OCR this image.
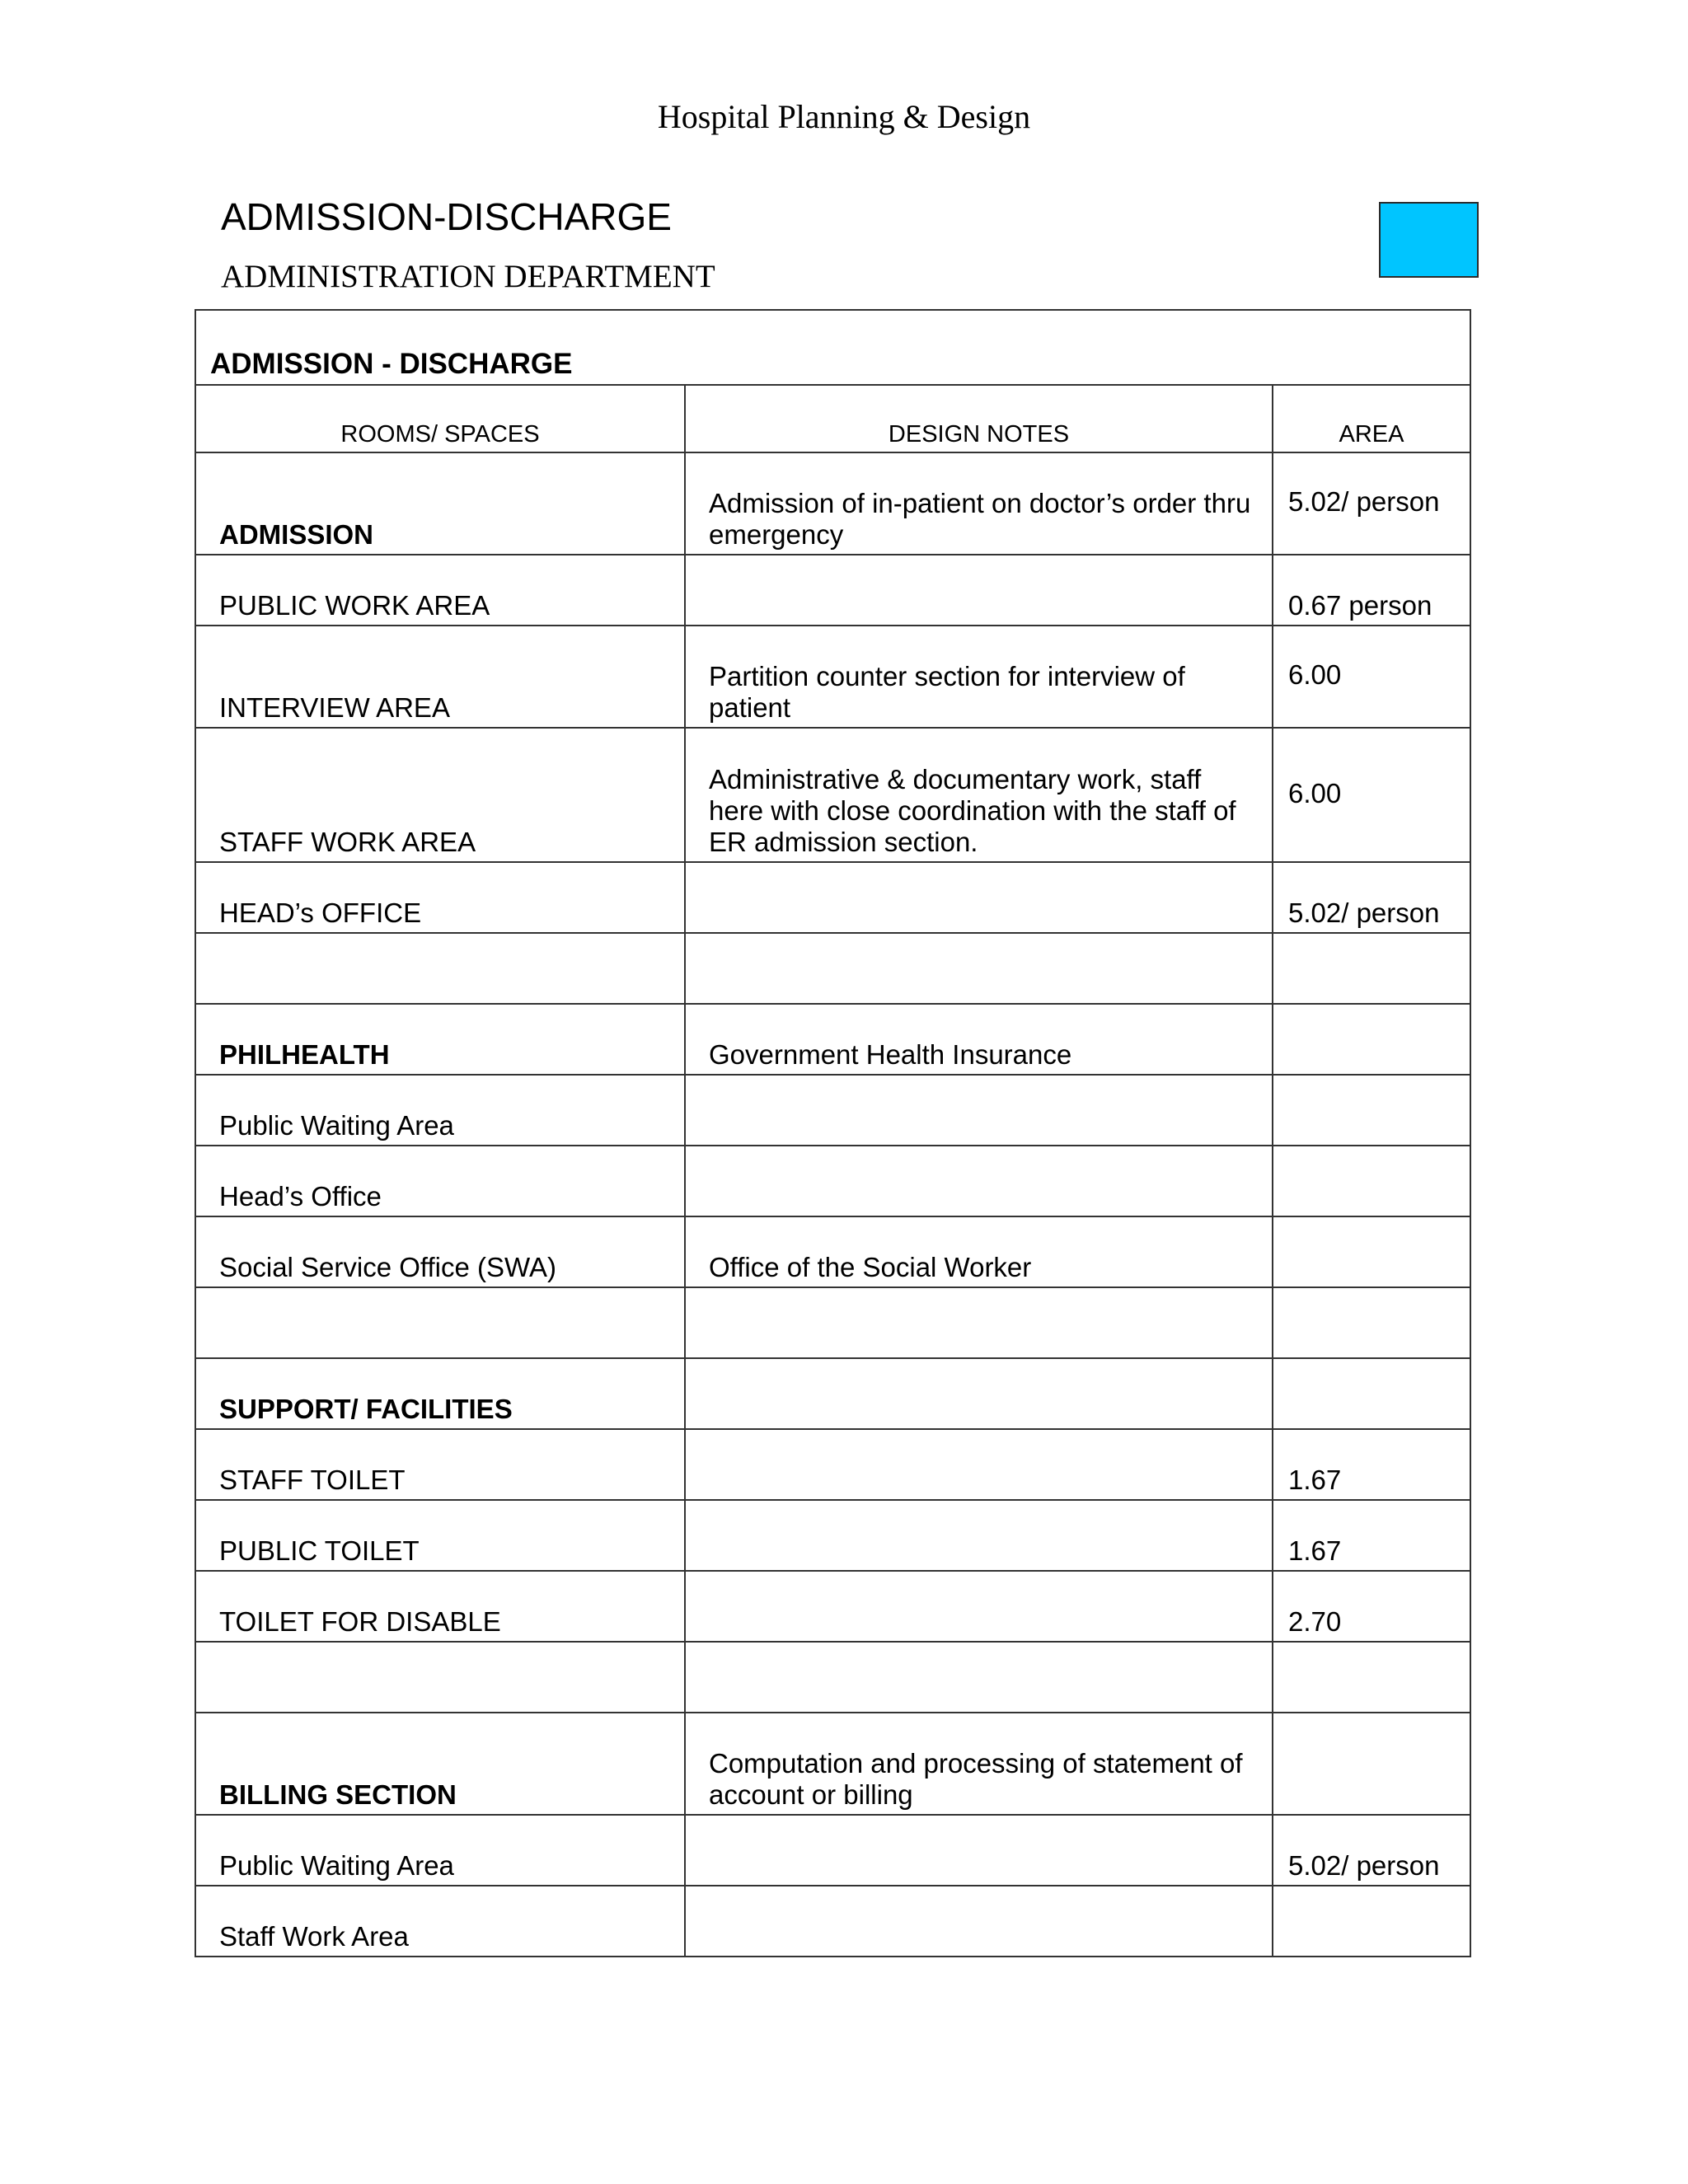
Hospital Planning & Design
ADMISSION-DISCHARGE
ADMINISTRATION DEPARTMENT
ADMISSION - DISCHARGE		
ROOMS/ SPACES	DESIGN NOTES	AREA
ADMISSION	Admission of in-patient on doctor’s order thru emergency	5.02/ person
PUBLIC WORK AREA		0.67 person
INTERVIEW AREA	Partition counter section for interview of patient	6.00
STAFF WORK AREA	Administrative & documentary work, staff here with close coordination with the staff of ER admission section.	6.00
HEAD’s OFFICE		5.02/ person

PHILHEALTH	Government Health Insurance	
Public Waiting Area		
Head’s Office		
Social Service Office (SWA)	Office of the Social Worker	

SUPPORT/ FACILITIES		
STAFF TOILET		1.67
PUBLIC TOILET		1.67
TOILET FOR DISABLE		2.70

BILLING SECTION	Computation and processing of statement of account or billing	
Public Waiting Area		5.02/ person
Staff Work Area		
